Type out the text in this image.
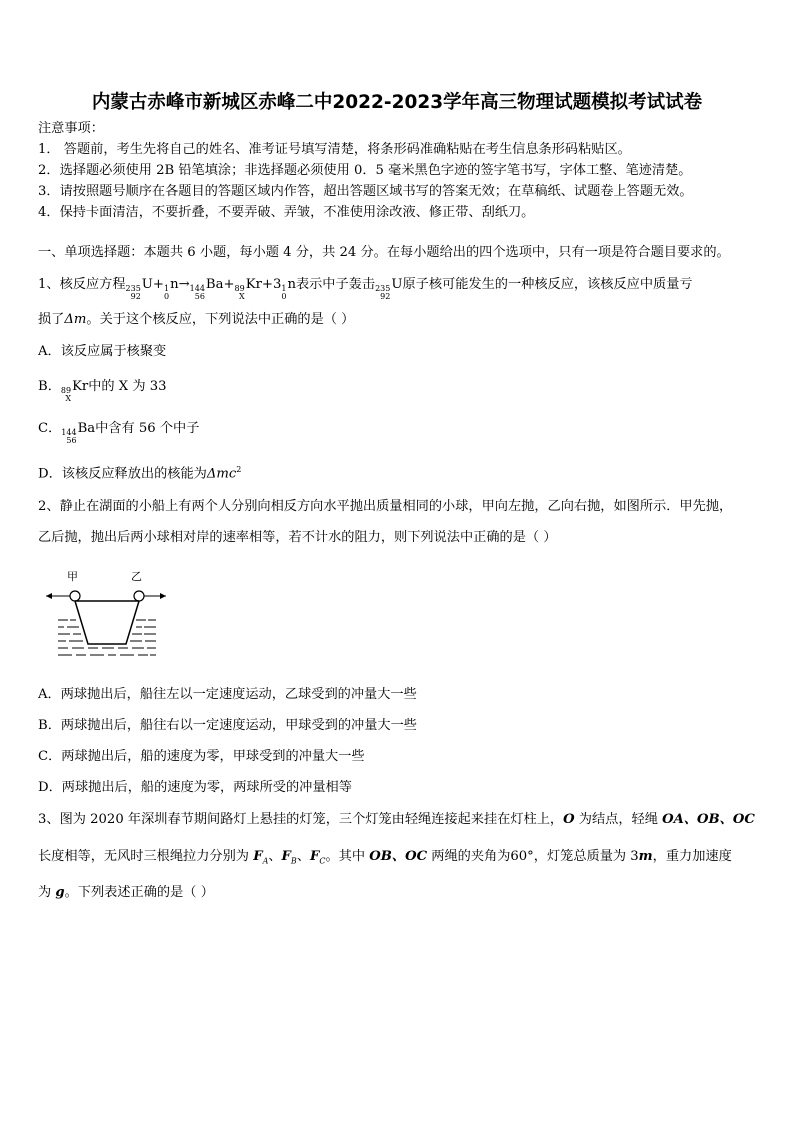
内蒙古赤峰市新城区赤峰二中2022-2023学年高三物理试题模拟考试试卷
注意事项：
1． 答题前，考生先将自己的姓名、准考证号填写清楚，将条形码准确粘贴在考生信息条形码粘贴区。
2．选择题必须使用 2B 铅笔填涂；非选择题必须使用 0．5 毫米黑色字迹的签字笔书写，字体工整、笔迹清楚。
3．请按照题号顺序在各题目的答题区域内作答，超出答题区域书写的答案无效；在草稿纸、试题卷上答题无效。
4．保持卡面清洁，不要折叠，不要弄破、弄皱，不准使用涂改液、修正带、刮纸刀。
一、单项选择题：本题共 6 小题，每小题 4 分，共 24 分。在每小题给出的四个选项中，只有一项是符合题目要求的。
1、核反应方程 235
92
U+ 1
0
n→ 144
56
Ba+ 89
X
Kr+3 1
0
n表示中子轰击 235
92
U原子核可能发生的一种核反应，该核反应中质量亏
损了Δm。关于这个核反应，下列说法中正确的是（ ）
A．该反应属于核聚变
B． 89
X
Kr中的 X 为 33
C． 144
56
Ba中含有 56 个中子
D．该核反应释放出的核能为Δmc$^2$
2、静止在湖面的小船上有两个人分别向相反方向水平抛出质量相同的小球，甲向左抛，乙向右抛，如图所示．甲先抛，
乙后抛，抛出后两小球相对岸的速率相等，若不计水的阻力，则下列说法中正确的是（ ）
甲	乙
A．两球抛出后，船往左以一定速度运动，乙球受到的冲量大一些
B．两球抛出后，船往右以一定速度运动，甲球受到的冲量大一些
C．两球抛出后，船的速度为零，甲球受到的冲量大一些
D．两球抛出后，船的速度为零，两球所受的冲量相等
3、图为 2020 年深圳春节期间路灯上悬挂的灯笼，三个灯笼由轻绳连接起来挂在灯柱上，O 为结点，轻绳 OA、OB、OC
长度相等，无风时三根绳拉力分别为 $F_A$、$F_B$、$F_C$。其中 OB、OC 两绳的夹角为60°，灯笼总质量为 3m，重力加速度
为 g。下列表述正确的是（ ）
